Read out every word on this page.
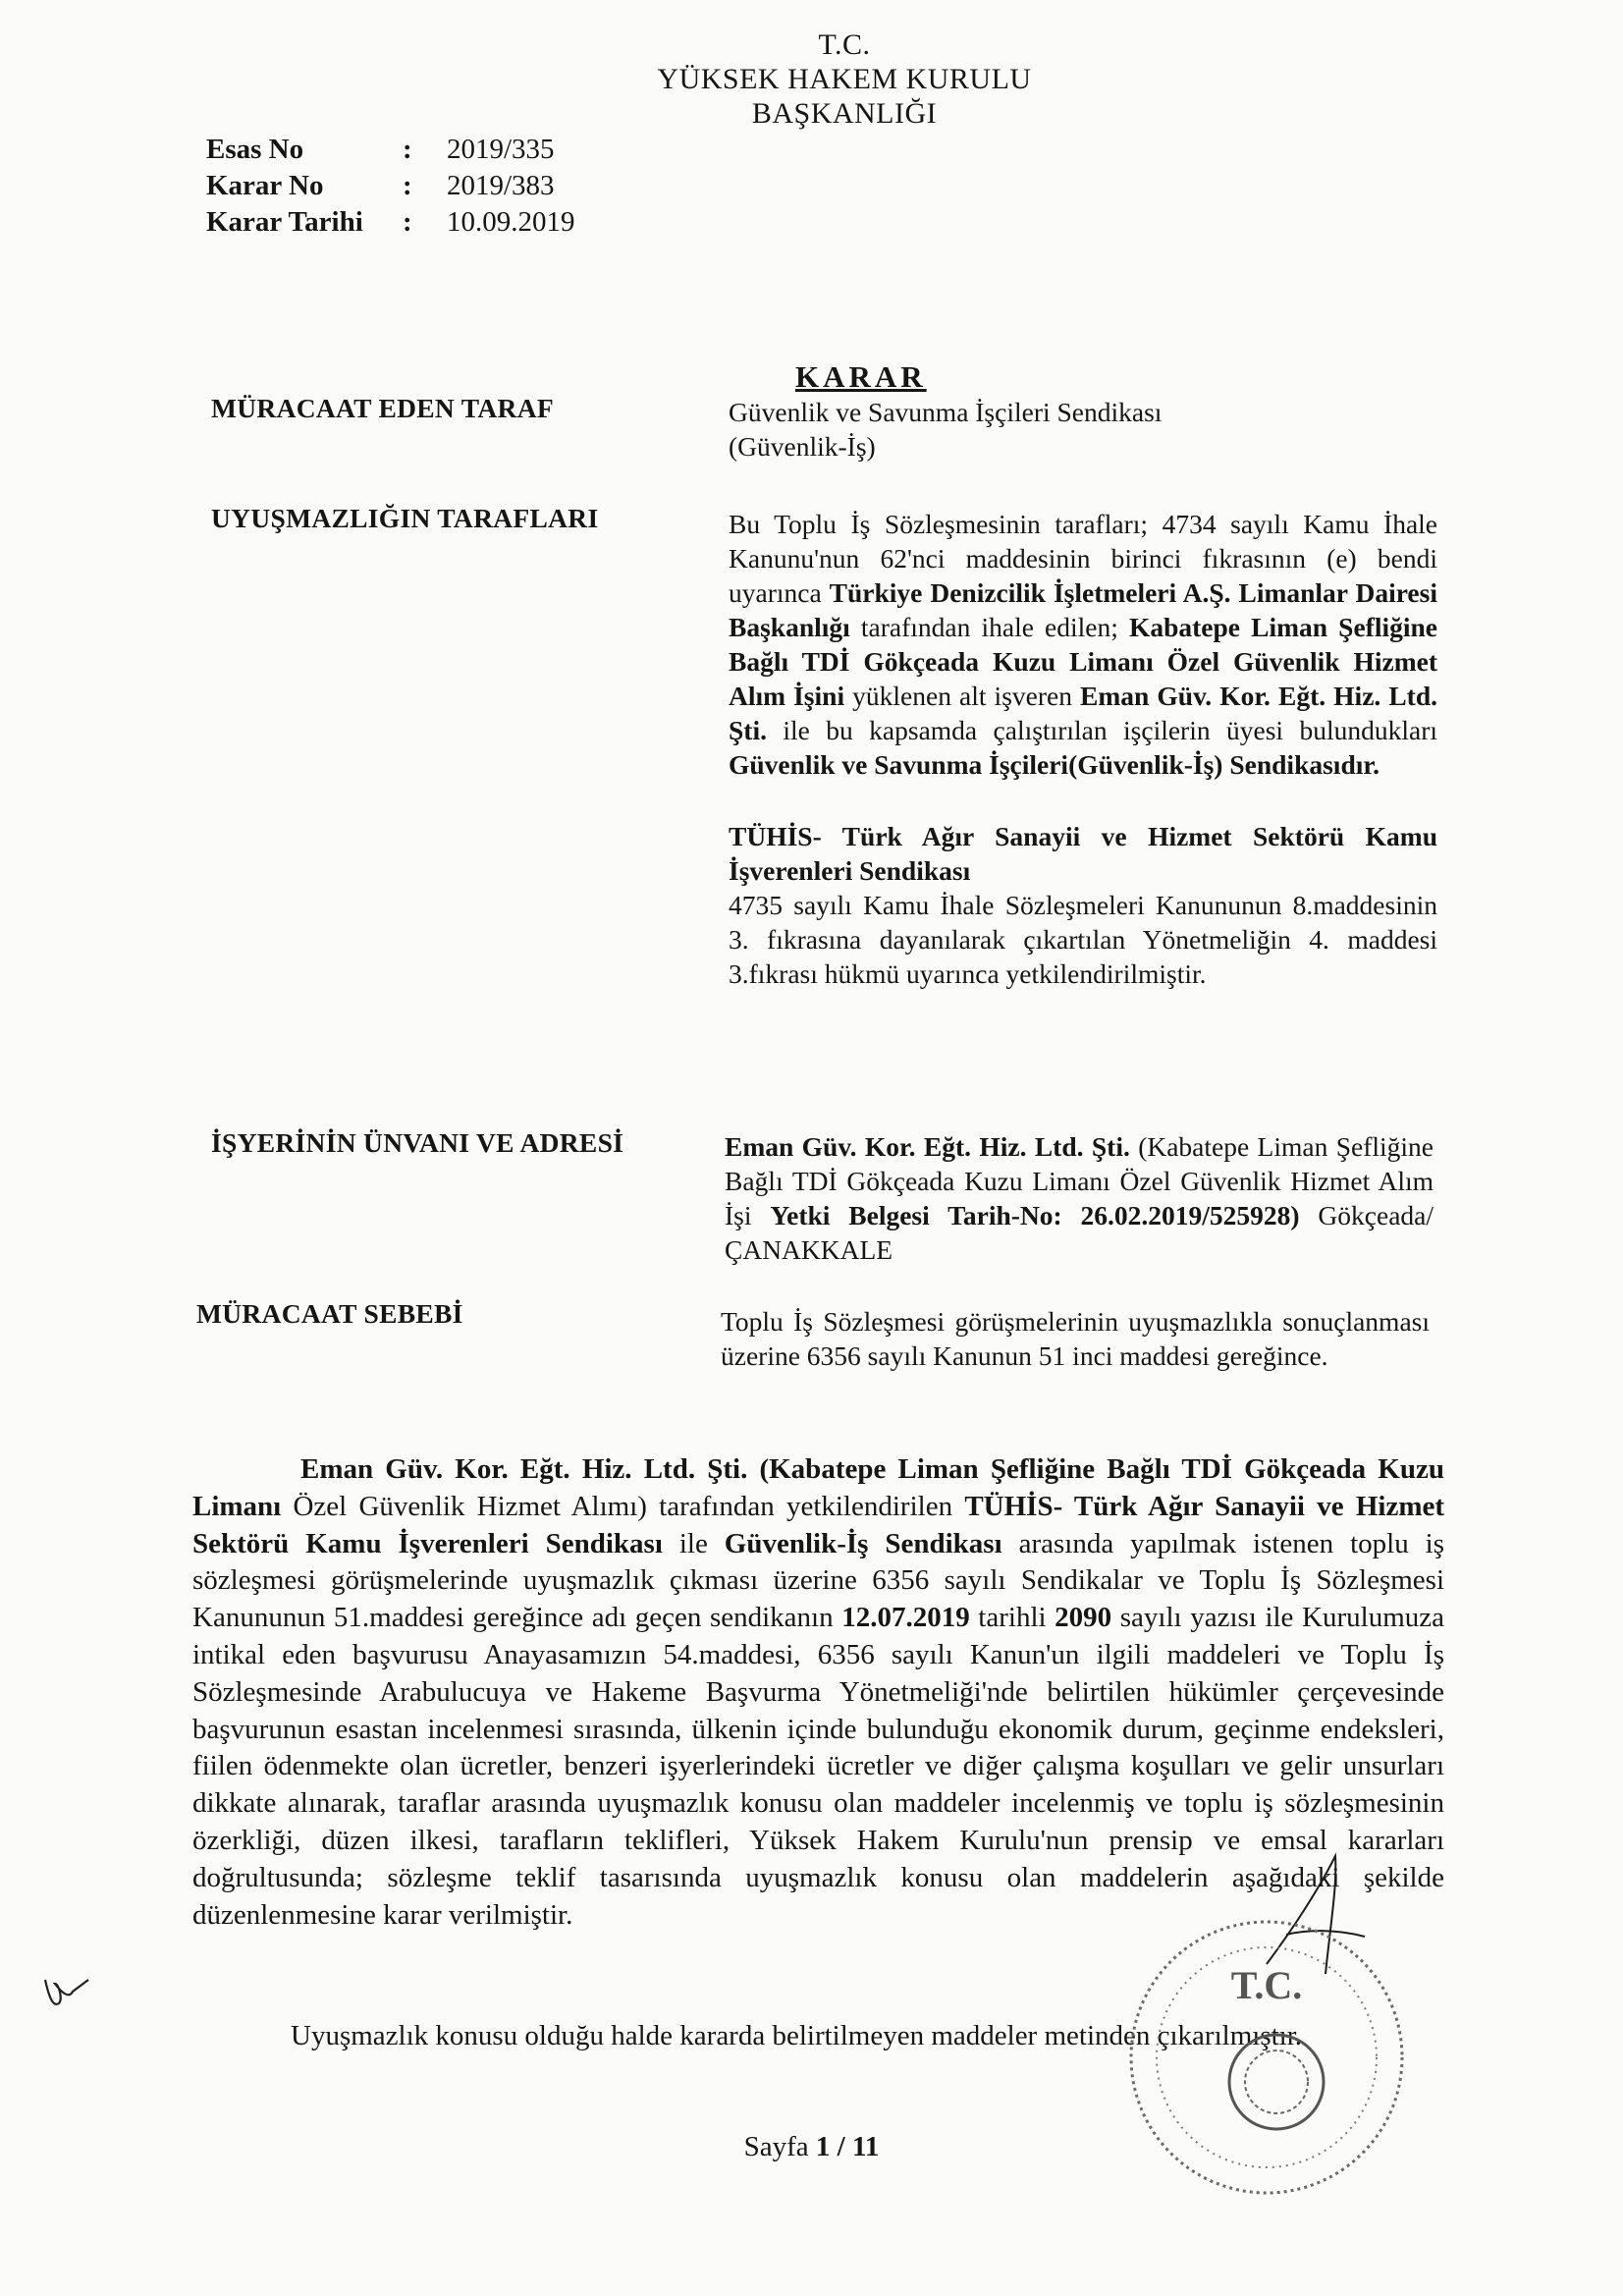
T.C.
YÜKSEK HAKEM KURULU
BAŞKANLIĞI
Esas No	:	2019/335
Karar No	:	2019/383
Karar Tarihi	:	10.09.2019
KARAR
MÜRACAAT EDEN TARAF	Güvenlik ve Savunma İşçileri Sendikası

(Güvenlik-İş)

UYUŞMAZLIĞIN TARAFLARI	Bu Toplu İş Sözleşmesinin tarafları; 4734 sayılı Kamu İhale Kanunu'nun 62'nci maddesinin birinci fıkrasının (e) bendi uyarınca Türkiye Denizcilik İşletmeleri A.Ş. Limanlar Dairesi Başkanlığı tarafından ihale edilen; Kabatepe Liman Şefliğine Bağlı TDİ Gökçeada Kuzu Limanı Özel Güvenlik Hizmet Alım İşini yüklenen alt işveren Eman Güv. Kor. Eğt. Hiz. Ltd. Şti. ile bu kapsamda çalıştırılan işçilerin üyesi bulundukları Güvenlik ve Savunma İşçileri(Güvenlik-İş) Sendikasıdır.

TÜHİS- Türk Ağır Sanayii ve Hizmet Sektörü Kamu İşverenleri Sendikası
4735 sayılı Kamu İhale Sözleşmeleri Kanununun 8.maddesinin 3. fıkrasına dayanılarak çıkartılan Yönetmeliğin 4. maddesi 3.fıkrası hükmü uyarınca yetkilendirilmiştir.

İŞYERİNİN ÜNVANI VE ADRESİ	Eman Güv. Kor. Eğt. Hiz. Ltd. Şti. (Kabatepe Liman Şefliğine Bağlı TDİ Gökçeada Kuzu Limanı Özel Güvenlik Hizmet Alım İşi Yetki Belgesi Tarih-No: 26.02.2019/525928) Gökçeada/ÇANAKKALE

MÜRACAAT SEBEBİ	Toplu İş Sözleşmesi görüşmelerinin uyuşmazlıkla sonuçlanması üzerine 6356 sayılı Kanunun 51 inci maddesi gereğince.

Eman Güv. Kor. Eğt. Hiz. Ltd. Şti. (Kabatepe Liman Şefliğine Bağlı TDİ Gökçeada Kuzu Limanı Özel Güvenlik Hizmet Alımı) tarafından yetkilendirilen TÜHİS- Türk Ağır Sanayii ve Hizmet Sektörü Kamu İşverenleri Sendikası ile Güvenlik-İş Sendikası arasında yapılmak istenen toplu iş sözleşmesi görüşmelerinde uyuşmazlık çıkması üzerine 6356 sayılı Sendikalar ve Toplu İş Sözleşmesi Kanununun 51.maddesi gereğince adı geçen sendikanın 12.07.2019 tarihli 2090 sayılı yazısı ile Kurulumuza intikal eden başvurusu Anayasamızın 54.maddesi, 6356 sayılı Kanun'un ilgili maddeleri ve Toplu İş Sözleşmesinde Arabulucuya ve Hakeme Başvurma Yönetmeliği'nde belirtilen hükümler çerçevesinde başvurunun esastan incelenmesi sırasında, ülkenin içinde bulunduğu ekonomik durum, geçinme endeksleri, fiilen ödenmekte olan ücretler, benzeri işyerlerindeki ücretler ve diğer çalışma koşulları ve gelir unsurları dikkate alınarak, taraflar arasında uyuşmazlık konusu olan maddeler incelenmiş ve toplu iş sözleşmesinin özerkliği, düzen ilkesi, tarafların teklifleri, Yüksek Hakem Kurulu'nun prensip ve emsal kararları doğrultusunda; sözleşme teklif tasarısında uyuşmazlık konusu olan maddelerin aşağıdaki şekilde düzenlenmesine karar verilmiştir.
Uyuşmazlık konusu olduğu halde kararda belirtilmeyen maddeler metinden çıkarılmıştır.
Sayfa 1 / 11
T.C.
